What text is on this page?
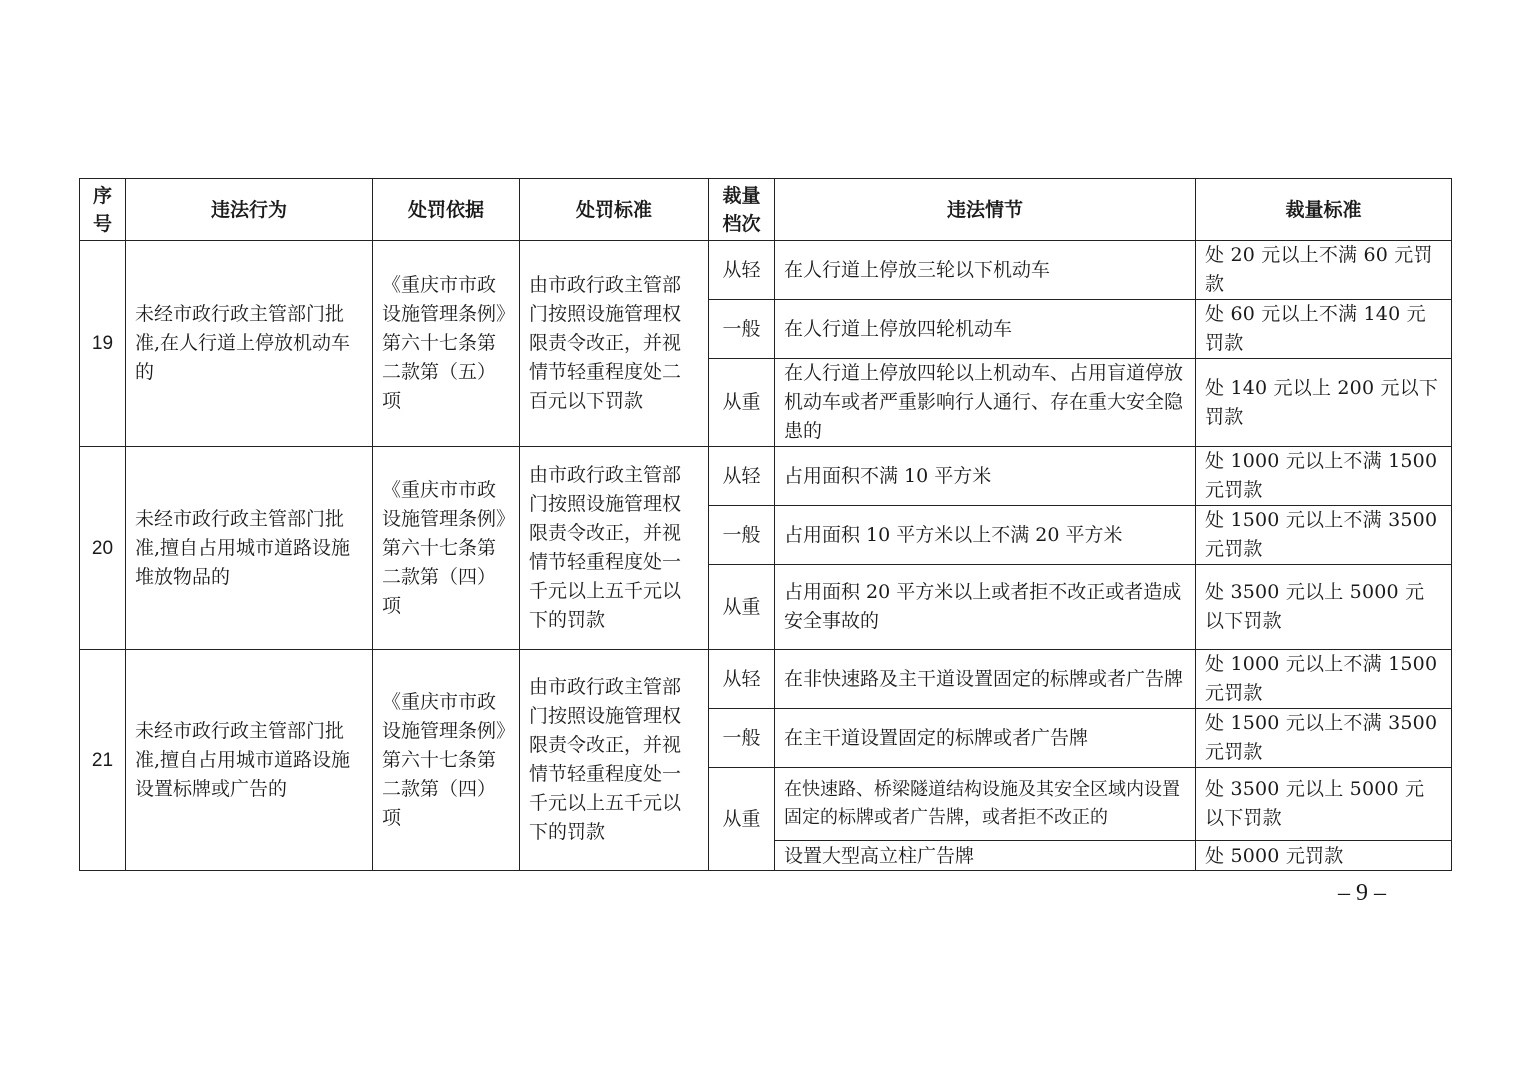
序号	违法行为	处罚依据	处罚标准	裁量档次	违法情节	裁量标准
19	未经市政行政主管部门批准,在人行道上停放机动车的	《重庆市市政设施管理条例》第六十七条第二款第（五）项	由市政行政主管部门按照设施管理权限责令改正，并视情节轻重程度处二百元以下罚款	从轻	在人行道上停放三轮以下机动车	处 20 元以上不满 60 元罚款
				一般	在人行道上停放四轮机动车	处 60 元以上不满 140 元罚款
				从重	在人行道上停放四轮以上机动车、占用盲道停放机动车或者严重影响行人通行、存在重大安全隐患的	处 140 元以上 200 元以下罚款
20	未经市政行政主管部门批准,擅自占用城市道路设施堆放物品的	《重庆市市政设施管理条例》第六十七条第二款第（四）项	由市政行政主管部门按照设施管理权限责令改正，并视情节轻重程度处一千元以上五千元以下的罚款	从轻	占用面积不满 10 平方米	处 1000 元以上不满 1500 元罚款
				一般	占用面积 10 平方米以上不满 20 平方米	处 1500 元以上不满 3500 元罚款
				从重	占用面积 20 平方米以上或者拒不改正或者造成安全事故的	处 3500 元以上 5000 元以下罚款
21	未经市政行政主管部门批准,擅自占用城市道路设施设置标牌或广告的	《重庆市市政设施管理条例》第六十七条第二款第（四）项	由市政行政主管部门按照设施管理权限责令改正，并视情节轻重程度处一千元以上五千元以下的罚款	从轻	在非快速路及主干道设置固定的标牌或者广告牌	处 1000 元以上不满 1500 元罚款
				一般	在主干道设置固定的标牌或者广告牌	处 1500 元以上不满 3500 元罚款
				从重	在快速路、桥梁隧道结构设施及其安全区域内设置固定的标牌或者广告牌，或者拒不改正的	处 3500 元以上 5000 元以下罚款
					设置大型高立柱广告牌	处 5000 元罚款
– 9 –
